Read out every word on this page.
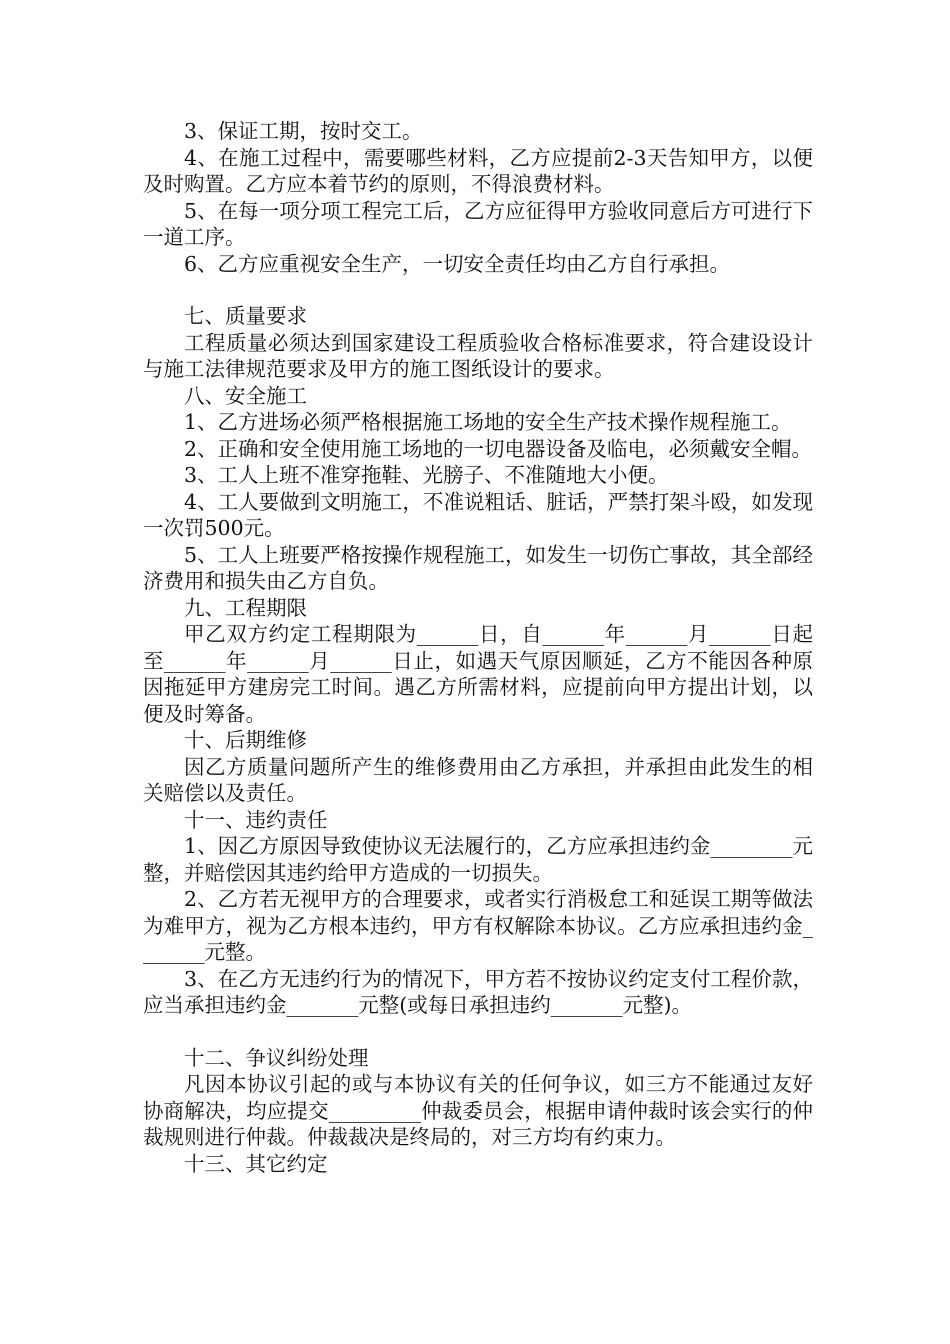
3、保证工期，按时交工。

4、在施工过程中，需要哪些材料，乙方应提前2-3天告知甲方，以便及时购置。乙方应本着节约的原则，不得浪费材料。

5、在每一项分项工程完工后，乙方应征得甲方验收同意后方可进行下一道工序。

6、乙方应重视安全生产，一切安全责任均由乙方自行承担。

七、质量要求

工程质量必须达到国家建设工程质验收合格标准要求，符合建设设计与施工法律规范要求及甲方的施工图纸设计的要求。

八、安全施工

1、乙方进场必须严格根据施工场地的安全生产技术操作规程施工。

2、正确和安全使用施工场地的一切电器设备及临电，必须戴安全帽。

3、工人上班不准穿拖鞋、光膀子、不准随地大小便。

4、工人要做到文明施工，不准说粗话、脏话，严禁打架斗殴，如发现一次罚500元。

5、工人上班要严格按操作规程施工，如发生一切伤亡事故，其全部经济费用和损失由乙方自负。

九、工程期限

甲乙双方约定工程期限为______日，自______年______月______日起至______年______月______日止，如遇天气原因顺延，乙方不能因各种原因拖延甲方建房完工时间。遇乙方所需材料，应提前向甲方提出计划，以便及时筹备。

十、后期维修

因乙方质量问题所产生的维修费用由乙方承担，并承担由此发生的相关赔偿以及责任。

十一、违约责任

1、因乙方原因导致使协议无法履行的，乙方应承担违约金________元整，并赔偿因其违约给甲方造成的一切损失。

2、乙方若无视甲方的合理要求，或者实行消极怠工和延误工期等做法为难甲方，视为乙方根本违约，甲方有权解除本协议。乙方应承担违约金_______元整。

3、在乙方无违约行为的情况下，甲方若不按协议约定支付工程价款，应当承担违约金_______元整(或每日承担违约_______元整)。

十二、争议纠纷处理

凡因本协议引起的或与本协议有关的任何争议，如三方不能通过友好协商解决，均应提交_________仲裁委员会，根据申请仲裁时该会实行的仲裁规则进行仲裁。仲裁裁决是终局的，对三方均有约束力。

十三、其它约定
